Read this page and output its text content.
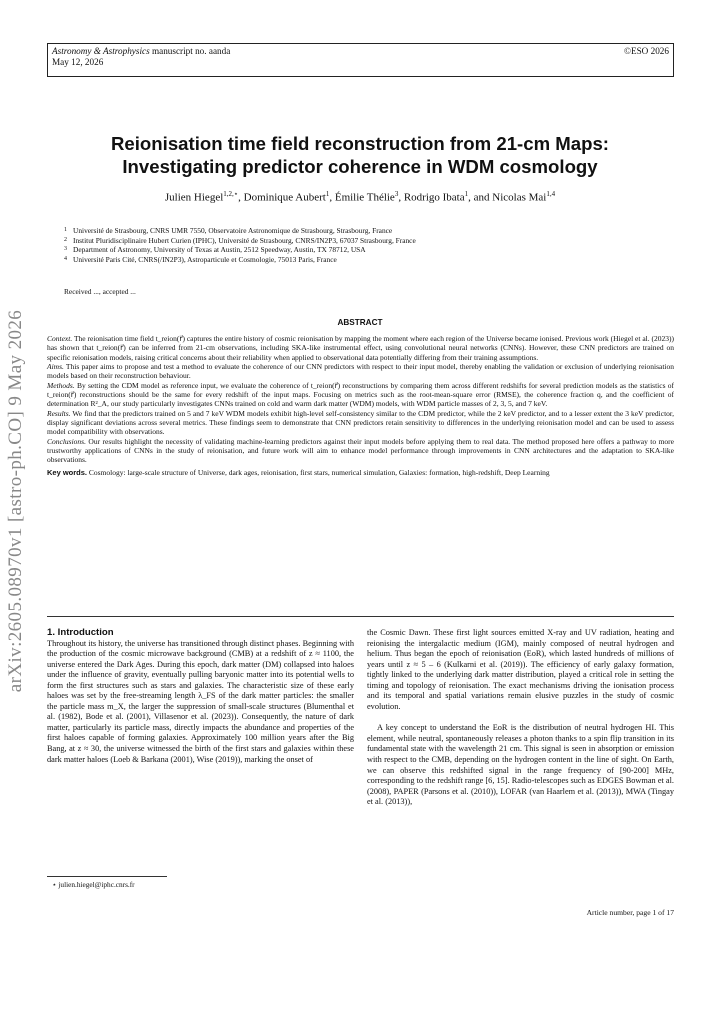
Astronomy & Astrophysics manuscript no. aanda
May 12, 2026
©ESO 2026
arXiv:2605.08970v1 [astro-ph.CO] 9 May 2026
Reionisation time field reconstruction from 21-cm Maps:
Investigating predictor coherence in WDM cosmology
Julien Hiegel$^{1,2,⋆}$, Dominique Aubert$^1$, Émilie Thélie$^3$, Rodrigo Ibata$^1$, and Nicolas Mai$^{1,4}$
1 Université de Strasbourg, CNRS UMR 7550, Observatoire Astronomique de Strasbourg, Strasbourg, France
2 Institut Pluridisciplinaire Hubert Curien (IPHC), Université de Strasbourg, CNRS/IN2P3, 67037 Strasbourg, France
3 Department of Astronomy, University of Texas at Austin, 2512 Speedway, Austin, TX 78712, USA
4 Université Paris Cité, CNRS(/IN2P3), Astroparticule et Cosmologie, 75013 Paris, France
Received ..., accepted ...
ABSTRACT

Context. The reionisation time field t_reion(r⃗) captures the entire history of cosmic reionisation by mapping the moment where each region of the Universe became ionised. Previous work (Hiegel et al. (2023)) has shown that t_reion(r⃗) can be inferred from 21-cm observations, including SKA-like instrumental effect, using convolutional neural networks (CNNs). However, these CNN predictors are trained on specific reionisation models, raising critical concerns about their reliability when applied to observational data potentially differing from their training assumptions.

Aims. This paper aims to propose and test a method to evaluate the coherence of our CNN predictors with respect to their input model, thereby enabling the validation or exclusion of underlying reionisation models based on their reconstruction behaviour.

Methods. By setting the CDM model as reference input, we evaluate the coherence of t_reion(r⃗) reconstructions by comparing them across different redshifts for several prediction models as the statistics of t_reion(r⃗) reconstructions should be the same for every redshift of the input maps. Focusing on metrics such as the root-mean-square error (RMSE), the coherence fraction q, and the coefficient of determination R²_A, our study particularly investigates CNNs trained on cold and warm dark matter (WDM) models, with WDM particle masses of 2, 3, 5, and 7 keV.

Results. We find that the predictors trained on 5 and 7 keV WDM models exhibit high-level self-consistency similar to the CDM predictor, while the 2 keV predictor, and to a lesser extent the 3 keV predictor, display significant deviations across several metrics. These findings seem to demonstrate that CNN predictors retain sensitivity to differences in the underlying reionisation model and can be used to assess model compatibility with observations.

Conclusions. Our results highlight the necessity of validating machine-learning predictors against their input models before applying them to real data. The method proposed here offers a pathway to more trustworthy applications of CNNs in the study of reionisation, and future work will aim to enhance model performance through improvements in CNN architectures and the adaptation to SKA-like observations.

Key words. Cosmology: large-scale structure of Universe, dark ages, reionisation, first stars, numerical simulation, Galaxies: formation, high-redshift, Deep Learning

1. Introduction

Throughout its history, the universe has transitioned through distinct phases. Beginning with the production of the cosmic microwave background (CMB) at a redshift of z ≈ 1100, the universe entered the Dark Ages. During this epoch, dark matter (DM) collapsed into haloes under the influence of gravity, eventually pulling baryonic matter into its potential wells to form the first structures such as stars and galaxies. The characteristic size of these early haloes was set by the free-streaming length λ_FS of the dark matter particles: the smaller the particle mass m_X, the larger the suppression of small-scale structures (Blumenthal et al. (1982), Bode et al. (2001), Villasenor et al. (2023)). Consequently, the nature of dark matter, particularly its particle mass, directly impacts the abundance and properties of the first haloes capable of forming galaxies. Approximately 100 million years after the Big Bang, at z ≈ 30, the universe witnessed the birth of the first stars and galaxies within these dark matter haloes (Loeb & Barkana (2001), Wise (2019)), marking the onset of

the Cosmic Dawn. These first light sources emitted X-ray and UV radiation, heating and reionising the intergalactic medium (IGM), mainly composed of neutral hydrogen and helium. Thus began the epoch of reionisation (EoR), which lasted hundreds of millions of years until z ≈ 5 – 6 (Kulkarni et al. (2019)). The efficiency of early galaxy formation, tightly linked to the underlying dark matter distribution, played a critical role in setting the timing and topology of reionisation. The exact mechanisms driving the ionisation process and its temporal and spatial variations remain elusive puzzles in the study of cosmic evolution.

A key concept to understand the EoR is the distribution of neutral hydrogen HI. This element, while neutral, spontaneously releases a photon thanks to a spin flip transition in its fundamental state with the wavelength 21 cm. This signal is seen in absorption or emission with respect to the CMB, depending on the hydrogen content in the line of sight. On Earth, we can observe this redshifted signal in the range frequency of [90-200] MHz, corresponding to the redshift range [6, 15]. Radio-telescopes such as EDGES Bowman et al. (2008), PAPER (Parsons et al. (2010)), LOFAR (van Haarlem et al. (2013)), MWA (Tingay et al. (2013)),

⋆ julien.hiegel@iphc.cnrs.fr
Article number, page 1 of 17
